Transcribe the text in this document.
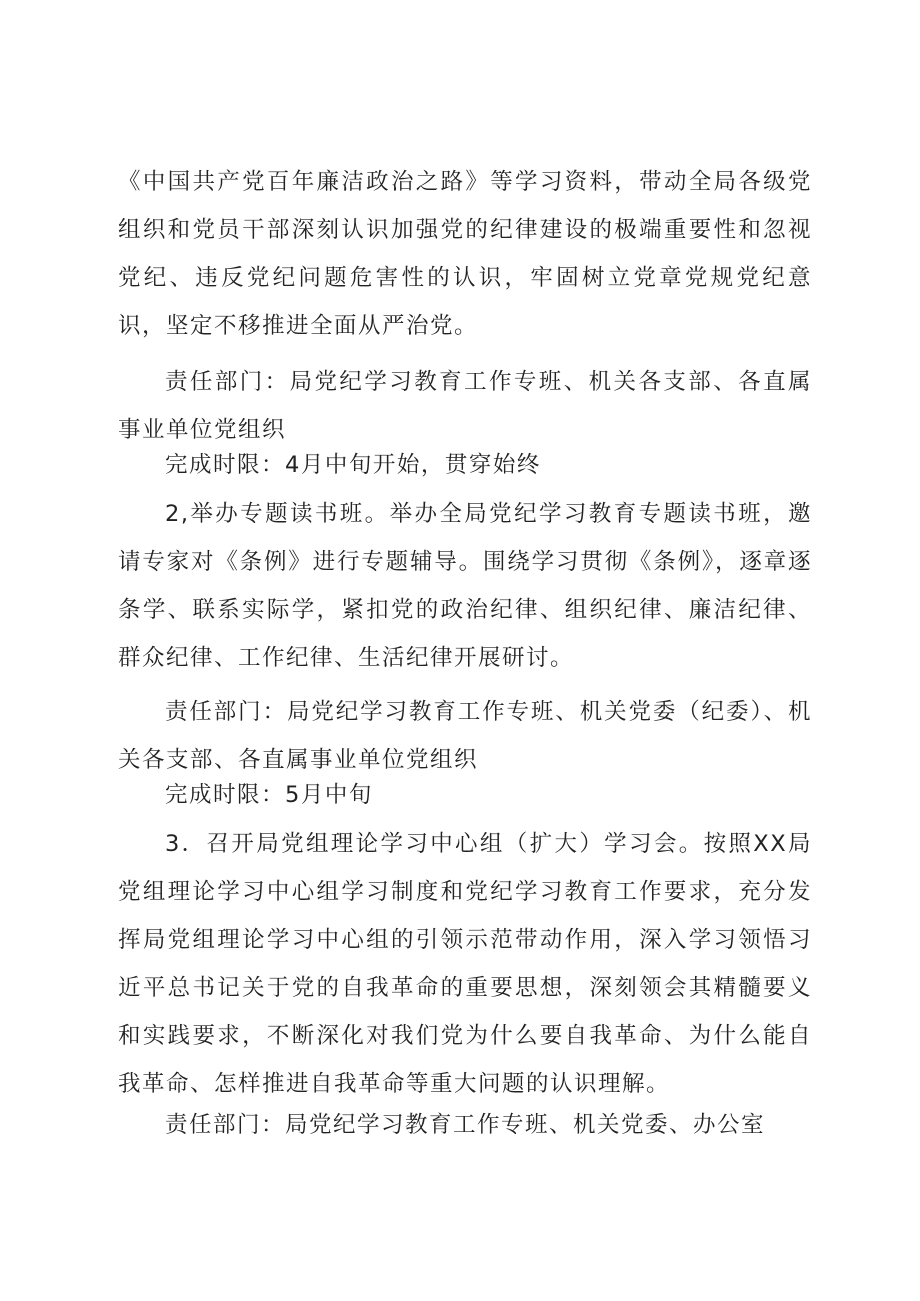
《中国共产党百年廉洁政治之路》等学习资料，带动全局各级党组织和党员干部深刻认识加强党的纪律建设的极端重要性和忽视党纪、违反党纪问题危害性的认识，牢固树立党章党规党纪意识，坚定不移推进全面从严治党。

责任部门：局党纪学习教育工作专班、机关各支部、各直属事业单位党组织

完成时限：4月中旬开始，贯穿始终

2,举办专题读书班。举办全局党纪学习教育专题读书班，邀请专家对《条例》进行专题辅导。围绕学习贯彻《条例》，逐章逐条学、联系实际学，紧扣党的政治纪律、组织纪律、廉洁纪律、群众纪律、工作纪律、生活纪律开展研讨。

责任部门：局党纪学习教育工作专班、机关党委（纪委）、机关各支部、各直属事业单位党组织

完成时限：5月中旬

3．召开局党组理论学习中心组（扩大）学习会。按照XX局党组理论学习中心组学习制度和党纪学习教育工作要求，充分发挥局党组理论学习中心组的引领示范带动作用，深入学习领悟习近平总书记关于党的自我革命的重要思想，深刻领会其精髓要义和实践要求，不断深化对我们党为什么要自我革命、为什么能自我革命、怎样推进自我革命等重大问题的认识理解。

责任部门：局党纪学习教育工作专班、机关党委、办公室
